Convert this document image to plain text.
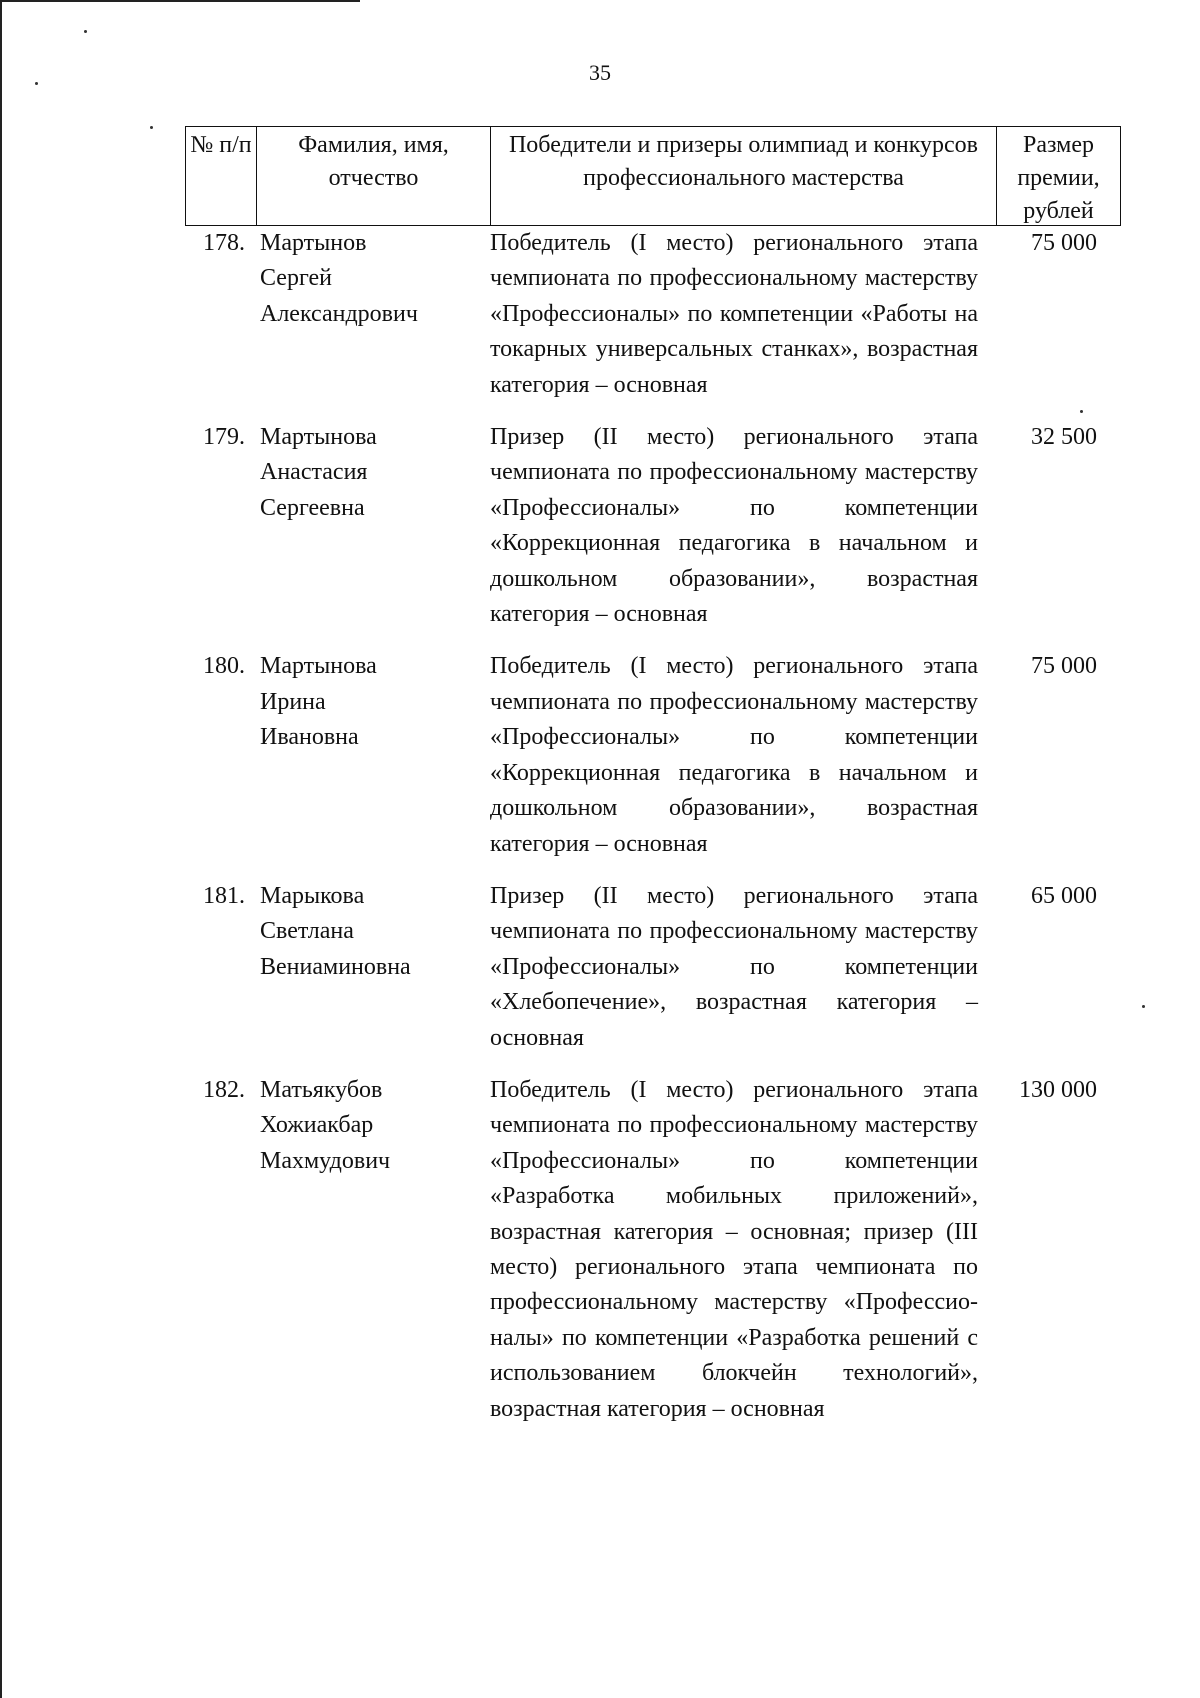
35
№ п/п	Фамилия, имя, отчество
Победители и призеры олимпиад и конкурсов профессионального мастерства
Размер премии, рублей
178. Мартынов
Сергей
Александрович
Победитель (I место) регионального этапа чемпионата по профессиональному мастерству «Профессионалы» по компетенции «Работы на токарных универсальных станках», возрастная категория – основная
75 000
179. Мартынова
Анастасия
Сергеевна
Призер (II место) регионального этапа чемпионата по профессиональному мастерству «Профессионалы» по компетенции «Коррекционная педагогика в начальном и дошкольном образовании», возрастная категория – основная
32 500
180. Мартынова
Ирина
Ивановна
Победитель (I место) регионального этапа чемпионата по профессиональному мастерству «Профессионалы» по компетенции «Коррекционная педагогика в начальном и дошкольном образовании», возрастная категория – основная
75 000
181. Марыкова
Светлана
Вениаминовна
Призер (II место) регионального этапа чемпионата по профессиональному мастерству «Профессионалы» по компетенции «Хлебопечение», возрастная категория – основная
65 000
182. Матьякубов
Хожиакбар
Махмудович
Победитель (I место) регионального этапа чемпионата по профессиональному мастерству «Профессионалы» по компетенции «Разработка мобильных приложений», возрастная категория – основная; призер (III место) регионального этапа чемпионата по профессиональному мастерству «Профессионалы» по компетенции «Разработка решений с использованием блокчейн технологий», возрастная категория – основная
130 000
